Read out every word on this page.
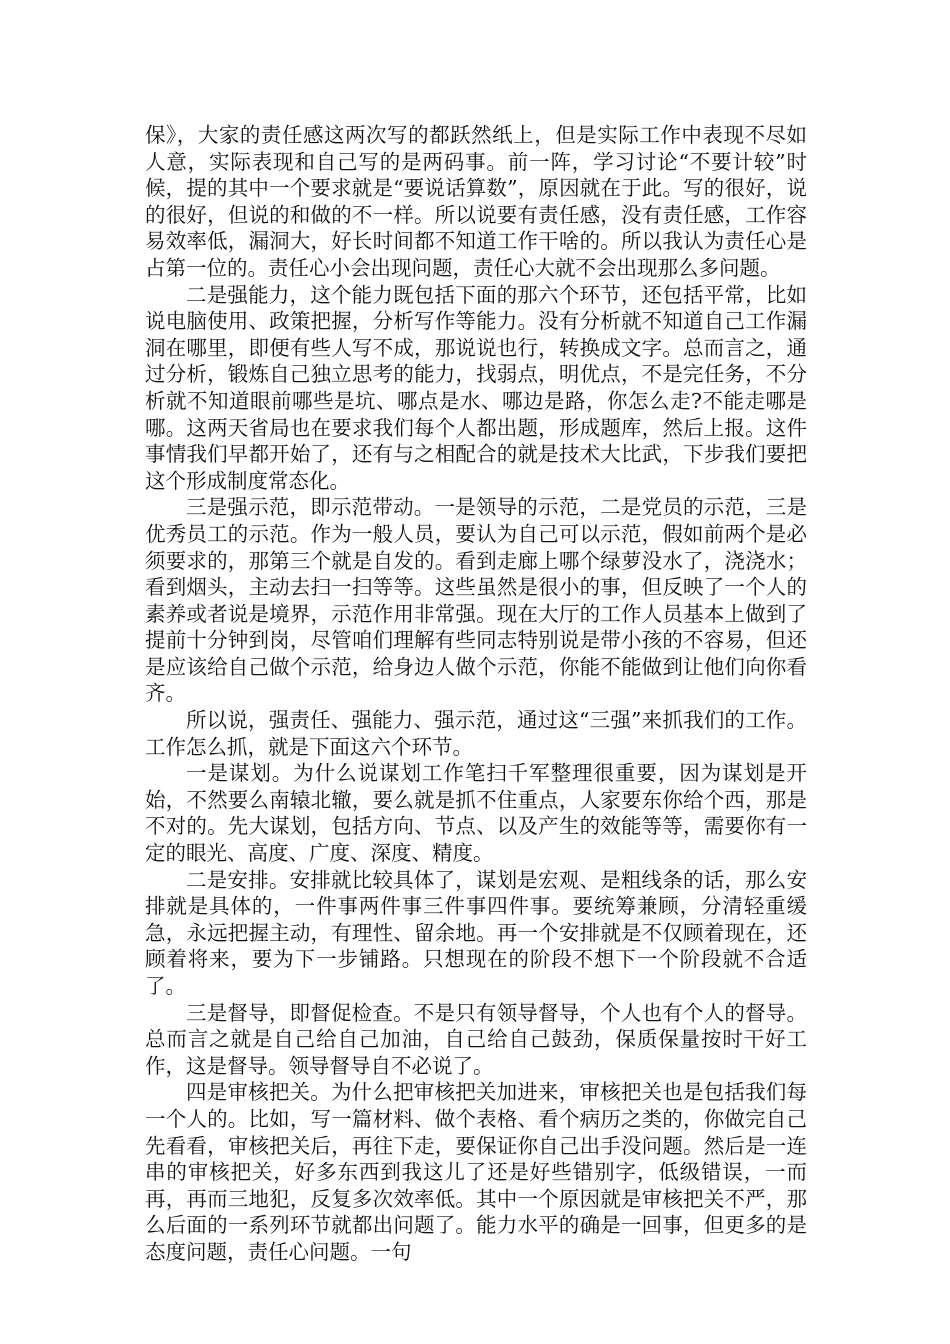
保》，大家的责任感这两次写的都跃然纸上，但是实际工作中表现不尽如人意，实际表现和自己写的是两码事。前一阵，学习讨论“不要计较”时候，提的其中一个要求就是“要说话算数”，原因就在于此。写的很好，说的很好，但说的和做的不一样。所以说要有责任感，没有责任感，工作容易效率低，漏洞大，好长时间都不知道工作干啥的。所以我认为责任心是占第一位的。责任心小会出现问题，责任心大就不会出现那么多问题。

二是强能力，这个能力既包括下面的那六个环节，还包括平常，比如说电脑使用、政策把握，分析写作等能力。没有分析就不知道自己工作漏洞在哪里，即便有些人写不成，那说说也行，转换成文字。总而言之，通过分析，锻炼自己独立思考的能力，找弱点，明优点，不是完任务，不分析就不知道眼前哪些是坑、哪点是水、哪边是路，你怎么走?不能走哪是哪。这两天省局也在要求我们每个人都出题，形成题库，然后上报。这件事情我们早都开始了，还有与之相配合的就是技术大比武，下步我们要把这个形成制度常态化。

三是强示范，即示范带动。一是领导的示范，二是党员的示范，三是优秀员工的示范。作为一般人员，要认为自己可以示范，假如前两个是必须要求的，那第三个就是自发的。看到走廊上哪个绿萝没水了，浇浇水；看到烟头，主动去扫一扫等等。这些虽然是很小的事，但反映了一个人的素养或者说是境界，示范作用非常强。现在大厅的工作人员基本上做到了提前十分钟到岗，尽管咱们理解有些同志特别说是带小孩的不容易，但还是应该给自己做个示范，给身边人做个示范，你能不能做到让他们向你看齐。

所以说，强责任、强能力、强示范，通过这“三强”来抓我们的工作。工作怎么抓，就是下面这六个环节。

一是谋划。为什么说谋划工作笔扫千军整理很重要，因为谋划是开始，不然要么南辕北辙，要么就是抓不住重点，人家要东你给个西，那是不对的。先大谋划，包括方向、节点、以及产生的效能等等，需要你有一定的眼光、高度、广度、深度、精度。

二是安排。安排就比较具体了，谋划是宏观、是粗线条的话，那么安排就是具体的，一件事两件事三件事四件事。要统筹兼顾，分清轻重缓急，永远把握主动，有理性、留余地。再一个安排就是不仅顾着现在，还顾着将来，要为下一步铺路。只想现在的阶段不想下一个阶段就不合适了。

三是督导，即督促检查。不是只有领导督导，个人也有个人的督导。总而言之就是自己给自己加油，自己给自己鼓劲，保质保量按时干好工作，这是督导。领导督导自不必说了。

四是审核把关。为什么把审核把关加进来，审核把关也是包括我们每一个人的。比如，写一篇材料、做个表格、看个病历之类的，你做完自己先看看，审核把关后，再往下走，要保证你自己出手没问题。然后是一连串的审核把关，好多东西到我这儿了还是好些错别字，低级错误，一而再，再而三地犯，反复多次效率低。其中一个原因就是审核把关不严，那么后面的一系列环节就都出问题了。能力水平的确是一回事，但更多的是态度问题，责任心问题。一句
